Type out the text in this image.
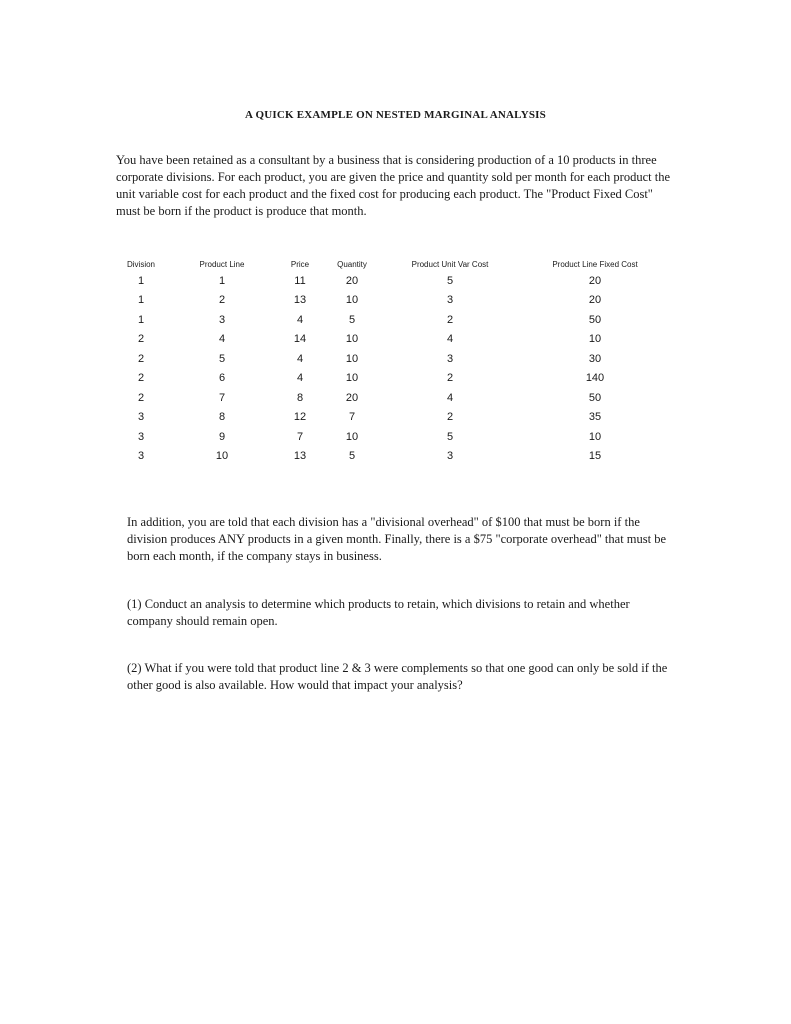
A QUICK EXAMPLE ON NESTED MARGINAL ANALYSIS

You have been retained as a consultant by a business that is considering production of a 10 products in three corporate divisions. For each product, you are given the price and quantity sold per month for each product the unit variable cost for each product and the fixed cost for producing each product. The "Product Fixed Cost" must be born if the product is produce that month.

Division	Product Line	Price	Quantity	Product Unit Var Cost	Product Line Fixed Cost
1	1	11	20	5	20
1	2	13	10	3	20
1	3	4	5	2	50
2	4	14	10	4	10
2	5	4	10	3	30
2	6	4	10	2	140
2	7	8	20	4	50
3	8	12	7	2	35
3	9	7	10	5	10
3	10	13	5	3	15

In addition, you are told that each division has a "divisional overhead" of $100 that must be born if the division produces ANY products in a given month. Finally, there is a $75 "corporate overhead" that must be born each month, if the company stays in business.

(1) Conduct an analysis to determine which products to retain, which divisions to retain and whether company should remain open.

(2) What if you were told that product line 2 & 3 were complements so that one good can only be sold if the other good is also available. How would that impact your analysis?
